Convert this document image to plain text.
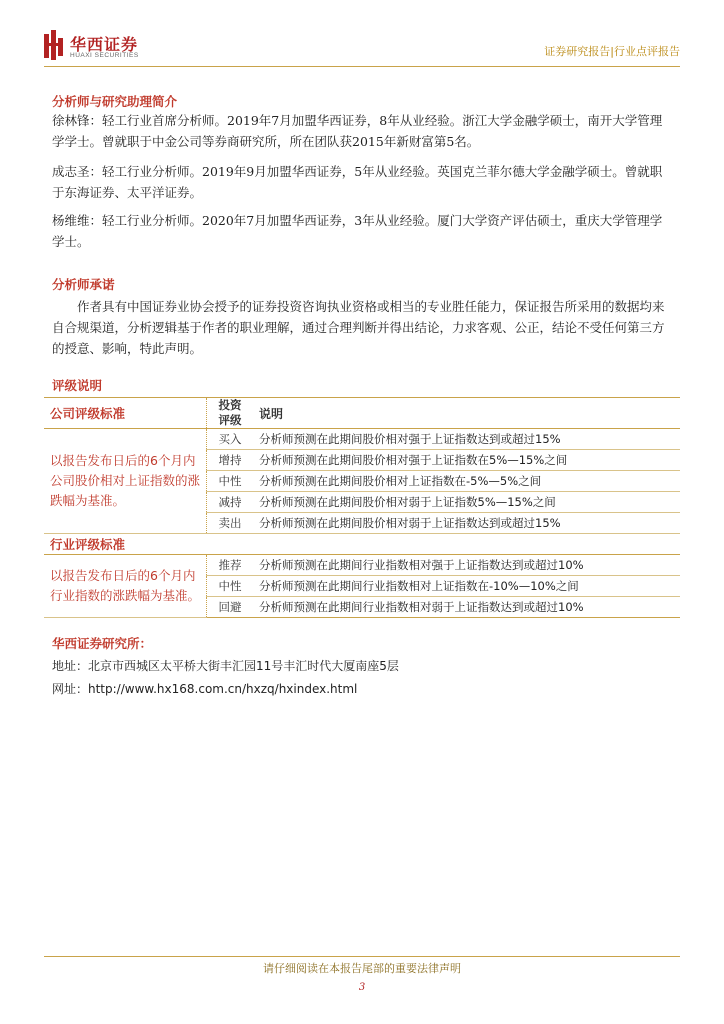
华西证券
HUAXI SECURITIES	证券研究报告|行业点评报告
分析师与研究助理简介

徐林锋：轻工行业首席分析师。2019年7月加盟华西证券，8年从业经验。浙江大学金融学硕士，南开大学管理学学士。曾就职于中金公司等券商研究所，所在团队获2015年新财富第5名。

成志圣：轻工行业分析师。2019年9月加盟华西证券，5年从业经验。英国克兰菲尔德大学金融学硕士。曾就职于东海证券、太平洋证券。

杨维维：轻工行业分析师。2020年7月加盟华西证券，3年从业经验。厦门大学资产评估硕士，重庆大学管理学学士。

分析师承诺

作者具有中国证券业协会授予的证券投资咨询执业资格或相当的专业胜任能力，保证报告所采用的数据均来自合规渠道，分析逻辑基于作者的职业理解，通过合理判断并得出结论，力求客观、公正，结论不受任何第三方的授意、影响，特此声明。

评级说明
公司评级标准	投资评级	说明
以报告发布日后的6个月内公司股价相对上证指数的涨跌幅为基准。	买入	分析师预测在此期间股价相对强于上证指数达到或超过15%
	增持	分析师预测在此期间股价相对强于上证指数在5%—15%之间
	中性	分析师预测在此期间股价相对上证指数在-5%—5%之间
	减持	分析师预测在此期间股价相对弱于上证指数5%—15%之间
	卖出	分析师预测在此期间股价相对弱于上证指数达到或超过15%
行业评级标准		
以报告发布日后的6个月内行业指数的涨跌幅为基准。	推荐	分析师预测在此期间行业指数相对强于上证指数达到或超过10%
	中性	分析师预测在此期间行业指数相对上证指数在-10%—10%之间
	回避	分析师预测在此期间行业指数相对弱于上证指数达到或超过10%
华西证券研究所：

地址：北京市西城区太平桥大街丰汇园11号丰汇时代大厦南座5层

网址：http://www.hx168.com.cn/hxzq/hxindex.html

请仔细阅读在本报告尾部的重要法律声明
3
